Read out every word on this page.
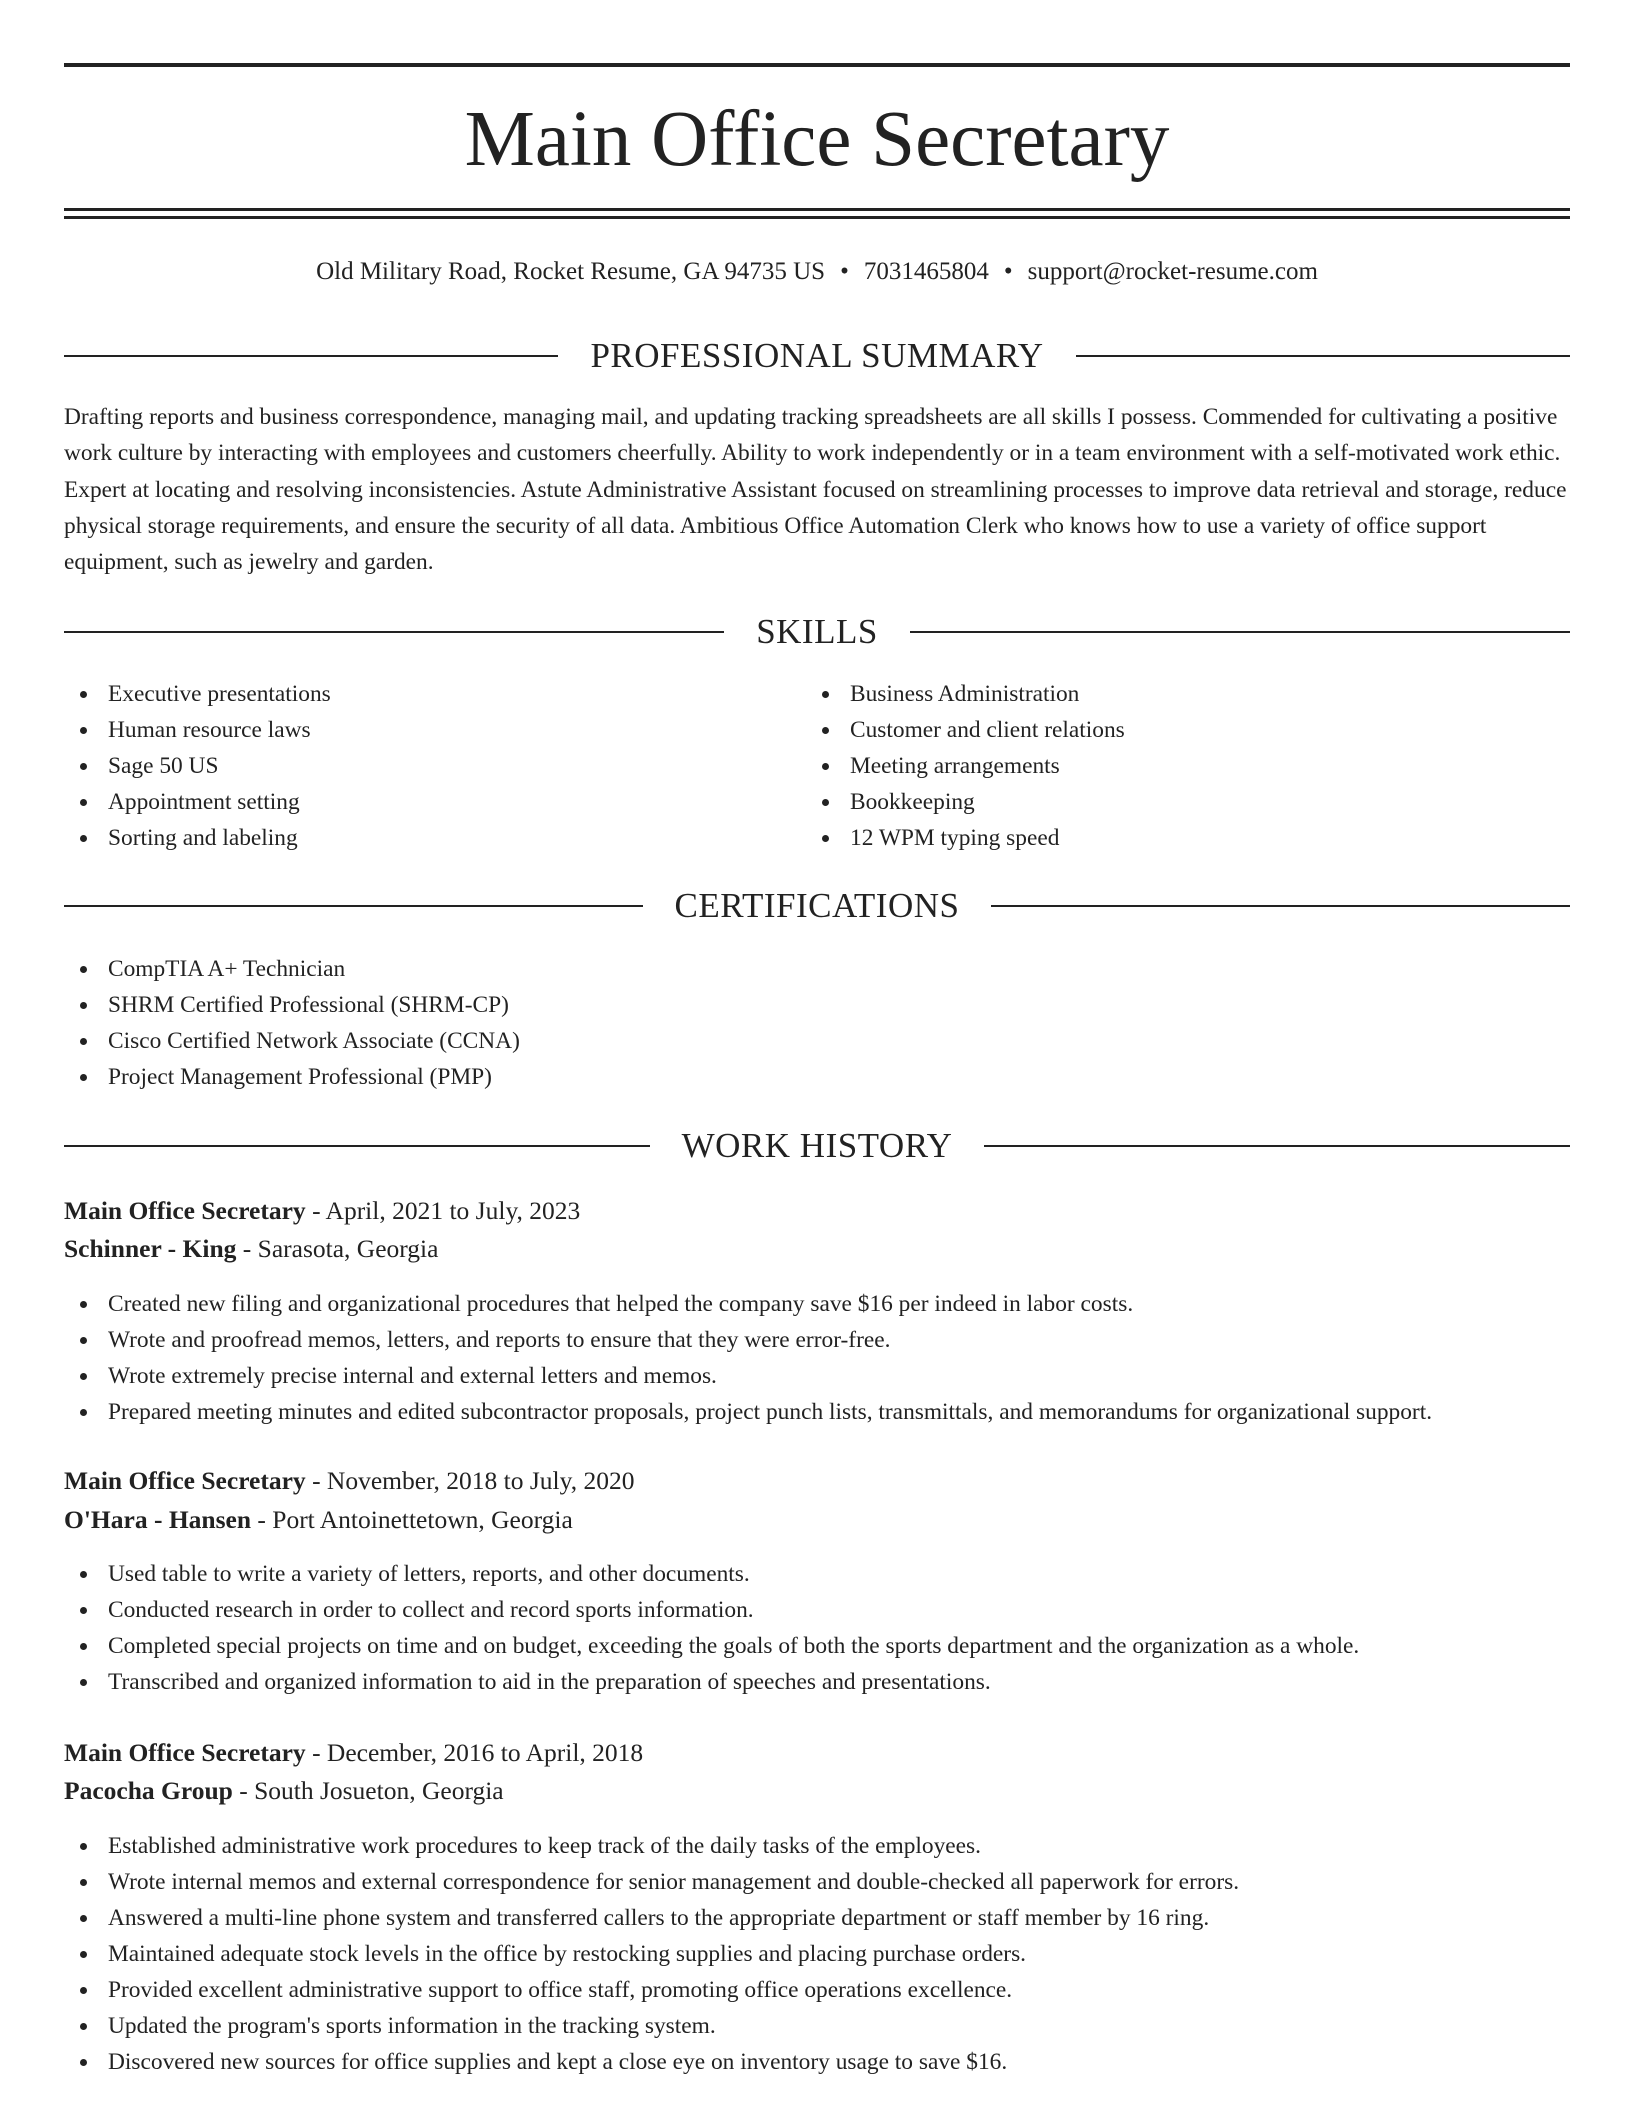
Main Office Secretary
Old Military Road, Rocket Resume, GA 94735 US • 7031465804 • support@rocket-resume.com
PROFESSIONAL SUMMARY

Drafting reports and business correspondence, managing mail, and updating tracking spreadsheets are all skills I possess. Commended for cultivating a positive work culture by interacting with employees and customers cheerfully. Ability to work independently or in a team environment with a self-motivated work ethic. Expert at locating and resolving inconsistencies. Astute Administrative Assistant focused on streamlining processes to improve data retrieval and storage, reduce physical storage requirements, and ensure the security of all data. Ambitious Office Automation Clerk who knows how to use a variety of office support equipment, such as jewelry and garden.

SKILLS
Executive presentations
Human resource laws
Sage 50 US
Appointment setting
Sorting and labeling
Business Administration
Customer and client relations
Meeting arrangements
Bookkeeping
12 WPM typing speed
CERTIFICATIONS
CompTIA A+ Technician
SHRM Certified Professional (SHRM-CP)
Cisco Certified Network Associate (CCNA)
Project Management Professional (PMP)
WORK HISTORY
Main Office Secretary - April, 2021 to July, 2023
Schinner - King - Sarasota, Georgia
Created new filing and organizational procedures that helped the company save $16 per indeed in labor costs.
Wrote and proofread memos, letters, and reports to ensure that they were error-free.
Wrote extremely precise internal and external letters and memos.
Prepared meeting minutes and edited subcontractor proposals, project punch lists, transmittals, and memorandums for organizational support.
Main Office Secretary - November, 2018 to July, 2020
O'Hara - Hansen - Port Antoinettetown, Georgia
Used table to write a variety of letters, reports, and other documents.
Conducted research in order to collect and record sports information.
Completed special projects on time and on budget, exceeding the goals of both the sports department and the organization as a whole.
Transcribed and organized information to aid in the preparation of speeches and presentations.
Main Office Secretary - December, 2016 to April, 2018
Pacocha Group - South Josueton, Georgia
Established administrative work procedures to keep track of the daily tasks of the employees.
Wrote internal memos and external correspondence for senior management and double-checked all paperwork for errors.
Answered a multi-line phone system and transferred callers to the appropriate department or staff member by 16 ring.
Maintained adequate stock levels in the office by restocking supplies and placing purchase orders.
Provided excellent administrative support to office staff, promoting office operations excellence.
Updated the program's sports information in the tracking system.
Discovered new sources for office supplies and kept a close eye on inventory usage to save $16.
